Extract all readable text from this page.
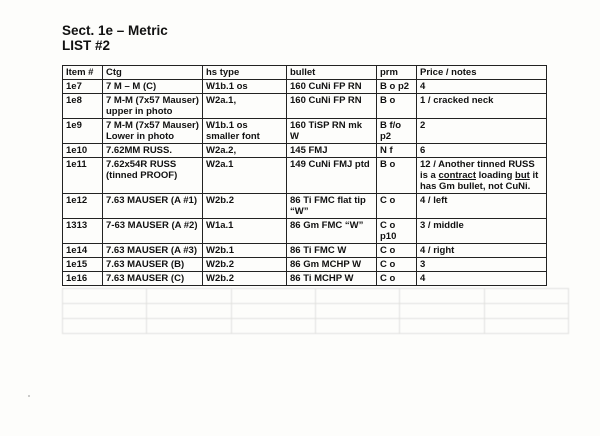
Sect. 1e – Metric
LIST #2
Item #	Ctg	hs type	bullet	prm	Price / notes
1e7	7 M – M (C)	W1b.1 os	160 CuNi FP RN	B o p2	4
1e8	7 M-M (7x57 Mauser) upper in photo	W2a.1,	160 CuNi FP RN	B o	1 / cracked neck
1e9	7 M-M (7x57 Mauser) Lower in photo	W1b.1 os smaller font	160 TiSP RN mk W	B f/o p2	2
1e10	7.62MM RUSS.	W2a.2,	145 FMJ	N f	6
1e11	7.62x54R RUSS (tinned PROOF)	W2a.1	149 CuNi FMJ ptd	B o	12 / Another tinned RUSS is a contract loading but it has Gm bullet, not CuNi.
1e12	7.63 MAUSER (A #1)	W2b.2	86 Ti FMC flat tip “W”	C o	4 / left
1313	7-63 MAUSER (A #2)	W1a.1	86 Gm FMC “W”	C o p10	3 / middle
1e14	7.63 MAUSER (A #3)	W2b.1	86 Ti FMC W	C o	4 / right
1e15	7.63 MAUSER (B)	W2b.2	86 Gm MCHP W	C o	3
1e16	7.63 MAUSER (C)	W2b.2	86 Ti MCHP W	C o	4
